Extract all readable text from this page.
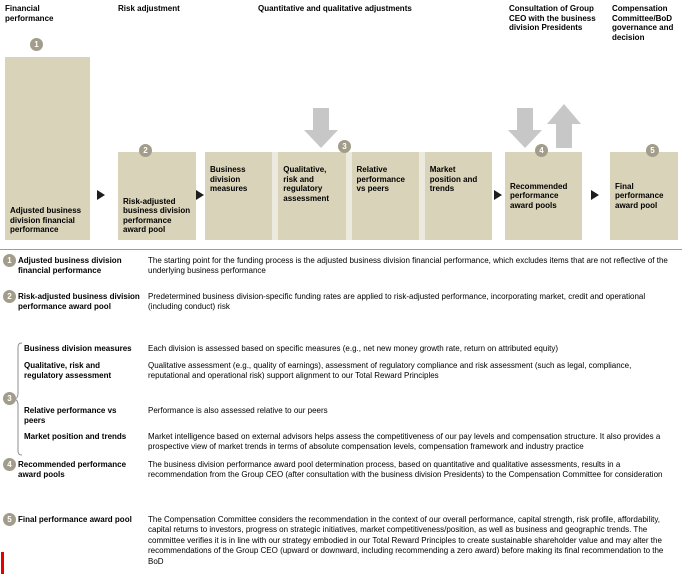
Financial performance
Risk adjustment	Quantitative and qualitative adjustments	Consultation of Group CEO with the business division Presidents
Compensation Committee/BoD governance and decision
1
2	3	4	5
Adjusted business division financial performance
Risk-adjusted business division performance award pool
Business division measures
Qualitative, risk and regulatory assessment
Relative performance vs peers
Market position and trends	Recommended performance award pools
Final performance award pool
1 Adjusted business division financial performance
The starting point for the funding process is the adjusted business division financial performance, which excludes items that are not reflective of the underlying business performance
2 Risk-adjusted business division performance award pool
Predetermined business division-specific funding rates are applied to risk-adjusted performance, incorporating market, credit and operational (including conduct) risk
3
Business division measures	Each division is assessed based on specific measures (e.g., net new money growth rate, return on attributed equity)
Qualitative, risk and regulatory assessment
Qualitative assessment (e.g., quality of earnings), assessment of regulatory compliance and risk assessment (such as legal, compliance, reputational and operational risk) support alignment to our Total Reward Principles
Relative performance vs peers
Performance is also assessed relative to our peers
Market position and trends	Market intelligence based on external advisors helps assess the competitiveness of our pay levels and compensation structure. It also provides a prospective view of market trends in terms of absolute compensation levels, compensation framework and industry practice
4 Recommended performance award pools
The business division performance award pool determination process, based on quantitative and qualitative assessments, results in a recommendation from the Group CEO (after consultation with the business division Presidents) to the Compensation Committee for consideration
5 Final performance award pool	The Compensation Committee considers the recommendation in the context of our overall performance, capital strength, risk profile, affordability, capital returns to investors, progress on strategic initiatives, market competitiveness/position, as well as business and geographic trends. The committee verifies it is in line with our strategy embodied in our Total Reward Principles to create sustainable shareholder value and may alter the recommendations of the Group CEO (upward or downward, including recommending a zero award) before making its final recommendation to the BoD
